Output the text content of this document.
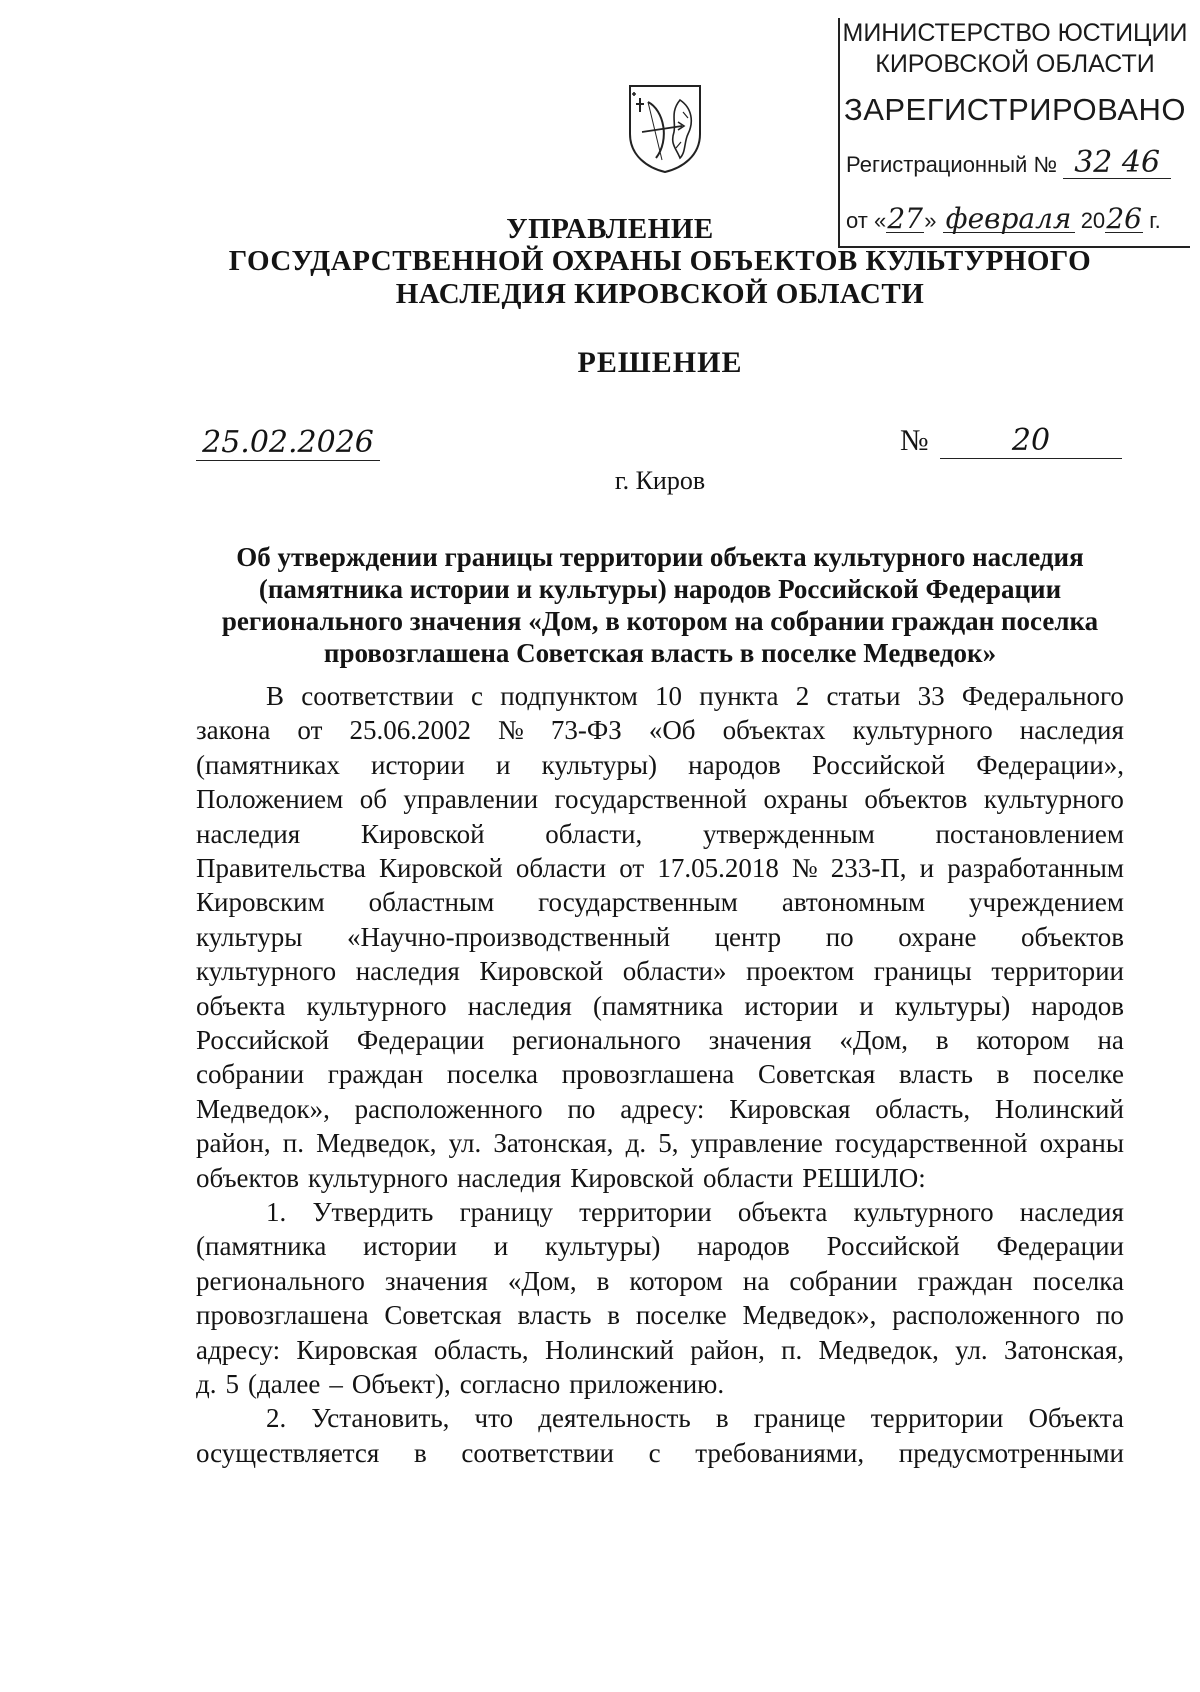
МИНИСТЕРСТВО ЮСТИЦИИ
КИРОВСКОЙ ОБЛАСТИ
ЗАРЕГИСТРИРОВАНО
Регистрационный № 32 46
от «27» февраля 2026 г.
УПРАВЛЕНИЕ
ГОСУДАРСТВЕННОЙ ОХРАНЫ ОБЪЕКТОВ КУЛЬТУРНОГО
НАСЛЕДИЯ КИРОВСКОЙ ОБЛАСТИ
РЕШЕНИЕ
25.02.2026	№	20
г. Киров
Об утверждении границы территории объекта культурного наследия
(памятника истории и культуры) народов Российской Федерации
регионального значения «Дом, в котором на собрании граждан поселка
провозглашена Советская власть в поселке Медведок»
В соответствии с подпунктом 10 пункта 2 статьи 33 Федерального
закона от 25.06.2002 № 73-ФЗ «Об объектах культурного наследия
(памятниках истории и культуры) народов Российской Федерации»,
Положением об управлении государственной охраны объектов культурного
наследия Кировской области, утвержденным постановлением
Правительства Кировской области от 17.05.2018 № 233-П, и разработанным
Кировским областным государственным автономным учреждением
культуры «Научно-производственный центр по охране объектов
культурного наследия Кировской области» проектом границы территории
объекта культурного наследия (памятника истории и культуры) народов
Российской Федерации регионального значения «Дом, в котором на
собрании граждан поселка провозглашена Советская власть в поселке
Медведок», расположенного по адресу: Кировская область, Нолинский
район, п. Медведок, ул. Затонская, д. 5, управление государственной охраны
объектов культурного наследия Кировской области РЕШИЛО:
1. Утвердить границу территории объекта культурного наследия
(памятника истории и культуры) народов Российской Федерации
регионального значения «Дом, в котором на собрании граждан поселка
провозглашена Советская власть в поселке Медведок», расположенного по
адресу: Кировская область, Нолинский район, п. Медведок, ул. Затонская,
д. 5 (далее – Объект), согласно приложению.
2. Установить, что деятельность в границе территории Объекта
осуществляется в соответствии с требованиями, предусмотренными
